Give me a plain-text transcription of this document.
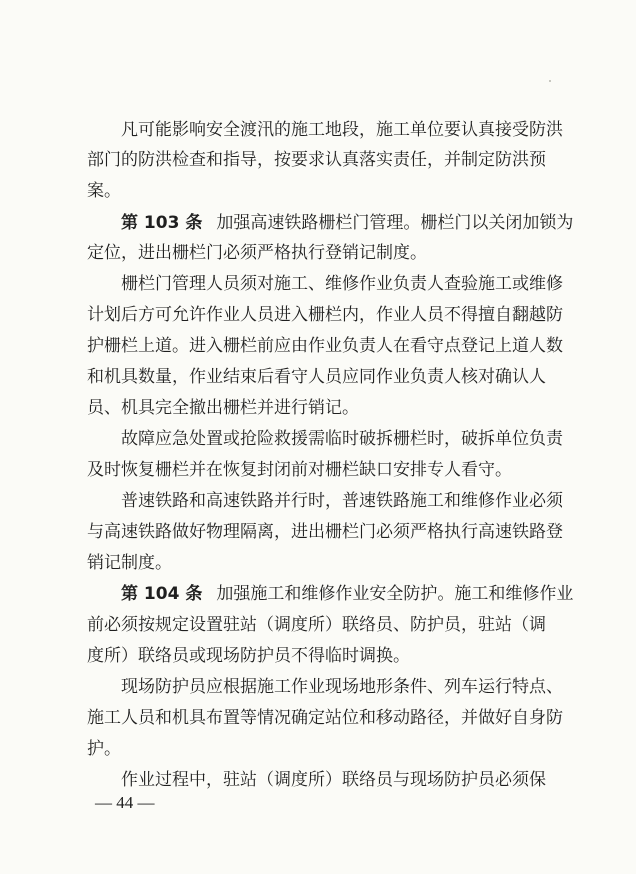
凡可能影响安全渡汛的施工地段，施工单位要认真接受防洪
部门的防洪检查和指导，按要求认真落实责任，并制定防洪预
案。
第 103 条 加强高速铁路栅栏门管理。栅栏门以关闭加锁为
定位，进出栅栏门必须严格执行登销记制度。
栅栏门管理人员须对施工、维修作业负责人查验施工或维修
计划后方可允许作业人员进入栅栏内，作业人员不得擅自翻越防
护栅栏上道。进入栅栏前应由作业负责人在看守点登记上道人数
和机具数量，作业结束后看守人员应同作业负责人核对确认人
员、机具完全撤出栅栏并进行销记。
故障应急处置或抢险救援需临时破拆栅栏时，破拆单位负责
及时恢复栅栏并在恢复封闭前对栅栏缺口安排专人看守。
普速铁路和高速铁路并行时，普速铁路施工和维修作业必须
与高速铁路做好物理隔离，进出栅栏门必须严格执行高速铁路登
销记制度。
第 104 条 加强施工和维修作业安全防护。施工和维修作业
前必须按规定设置驻站（调度所）联络员、防护员，驻站（调
度所）联络员或现场防护员不得临时调换。
现场防护员应根据施工作业现场地形条件、列车运行特点、
施工人员和机具布置等情况确定站位和移动路径，并做好自身防
护。
作业过程中，驻站（调度所）联络员与现场防护员必须保
— 44 —
